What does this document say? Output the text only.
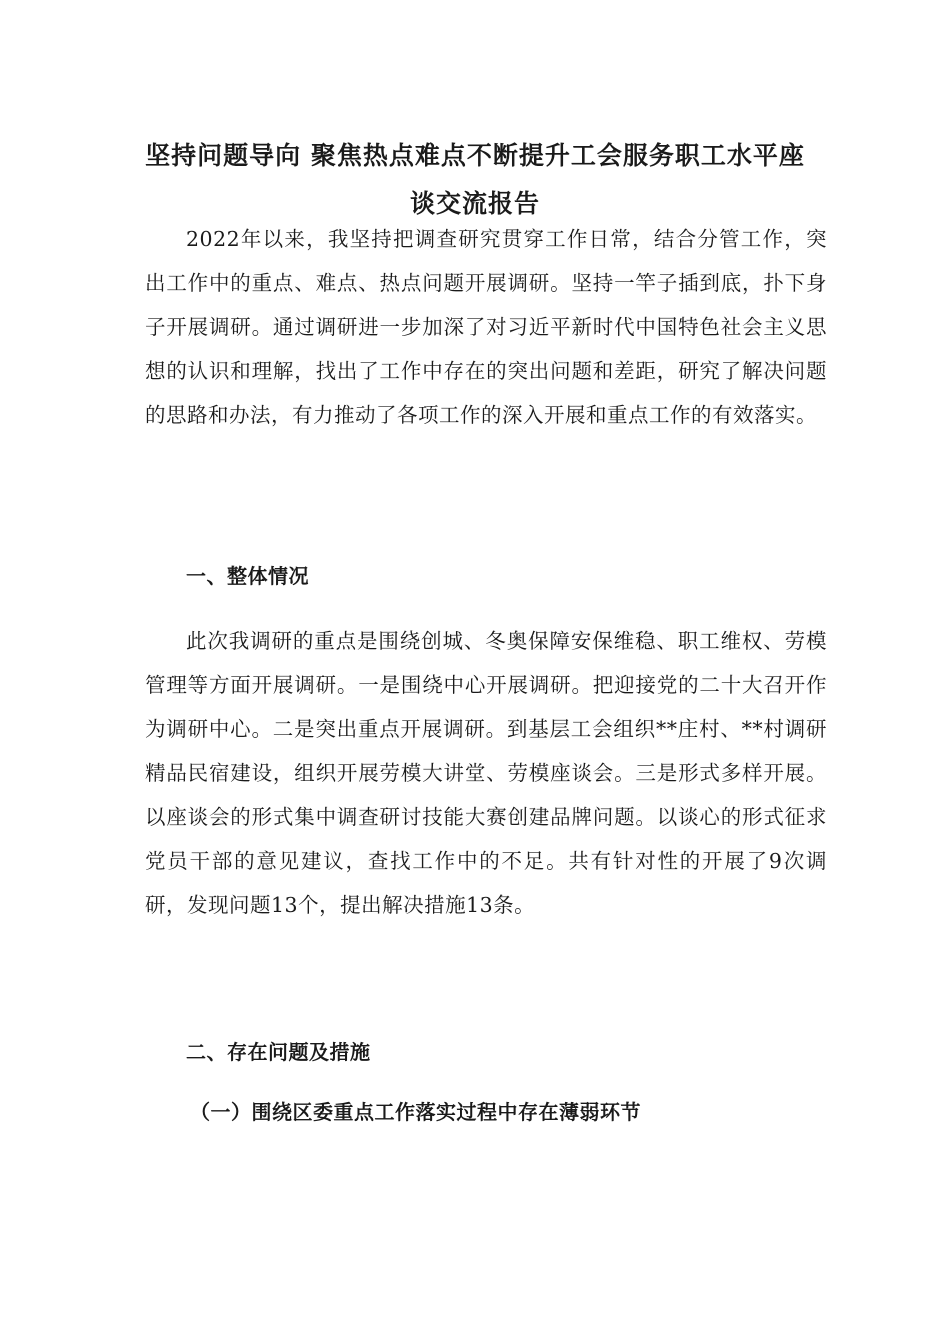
坚持问题导向 聚焦热点难点不断提升工会服务职工水平座
谈交流报告

2022年以来，我坚持把调查研究贯穿工作日常，结合分管工作，突出工作中的重点、难点、热点问题开展调研。坚持一竿子插到底，扑下身子开展调研。通过调研进一步加深了对习近平新时代中国特色社会主义思想的认识和理解，找出了工作中存在的突出问题和差距，研究了解决问题的思路和办法，有力推动了各项工作的深入开展和重点工作的有效落实。

一、整体情况

此次我调研的重点是围绕创城、冬奥保障安保维稳、职工维权、劳模管理等方面开展调研。一是围绕中心开展调研。把迎接党的二十大召开作为调研中心。二是突出重点开展调研。到基层工会组织**庄村、**村调研精品民宿建设，组织开展劳模大讲堂、劳模座谈会。三是形式多样开展。以座谈会的形式集中调查研讨技能大赛创建品牌问题。以谈心的形式征求党员干部的意见建议，查找工作中的不足。共有针对性的开展了9次调研，发现问题13个，提出解决措施13条。

二、存在问题及措施
（一）围绕区委重点工作落实过程中存在薄弱环节
